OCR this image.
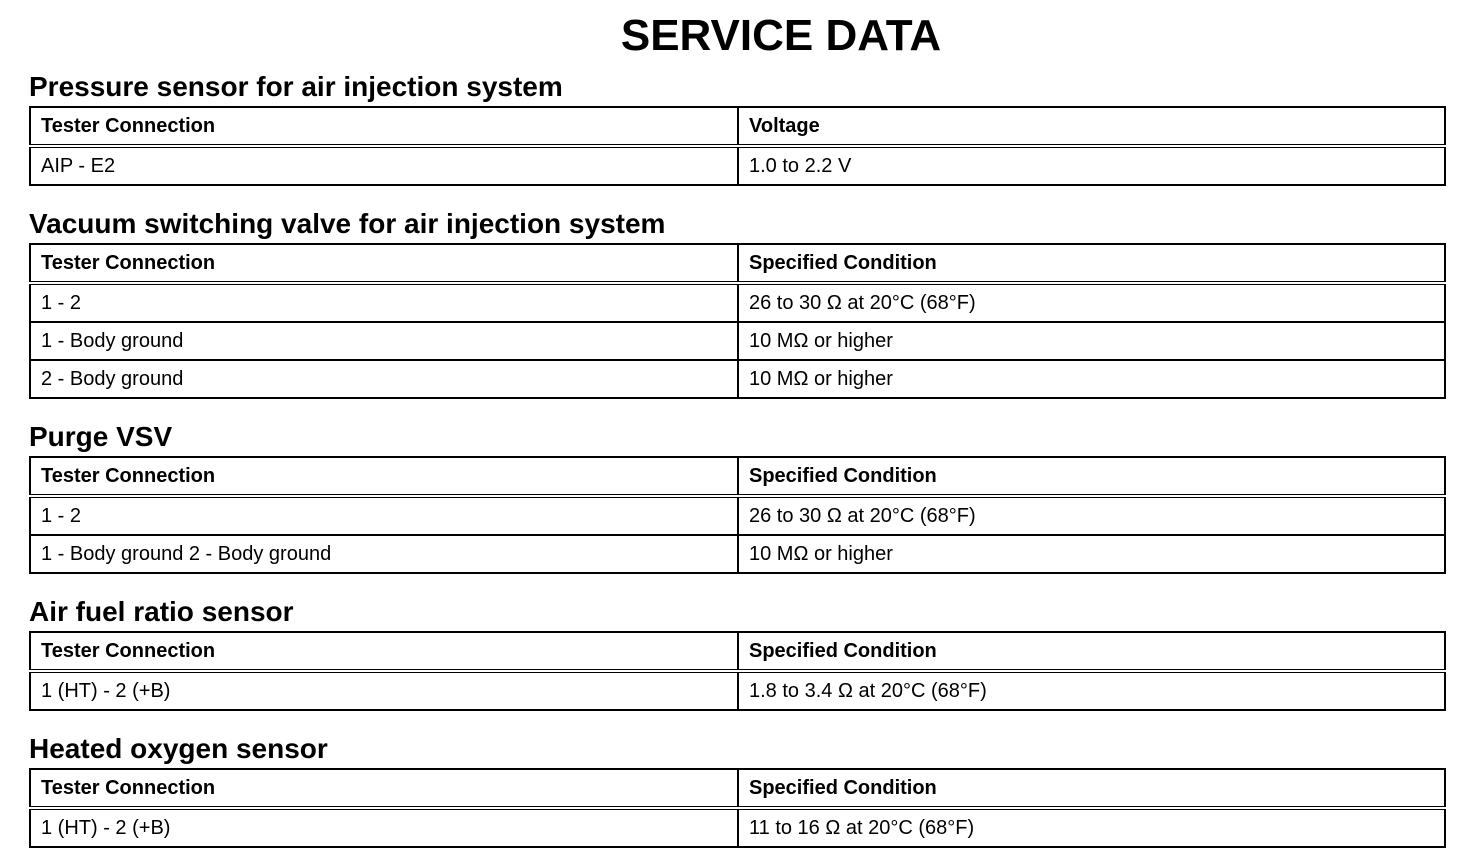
SERVICE DATA
Pressure sensor for air injection system
Tester Connection	Voltage
AIP - E2	1.0 to 2.2 V
Vacuum switching valve for air injection system
Tester Connection	Specified Condition
1 - 2	26 to 30 Ω at 20°C (68°F)
1 - Body ground	10 MΩ or higher
2 - Body ground	10 MΩ or higher
Purge VSV
Tester Connection	Specified Condition
1 - 2	26 to 30 Ω at 20°C (68°F)
1 - Body ground 2 - Body ground	10 MΩ or higher
Air fuel ratio sensor
Tester Connection	Specified Condition
1 (HT) - 2 (+B)	1.8 to 3.4 Ω at 20°C (68°F)
Heated oxygen sensor
Tester Connection	Specified Condition
1 (HT) - 2 (+B)	11 to 16 Ω at 20°C (68°F)
